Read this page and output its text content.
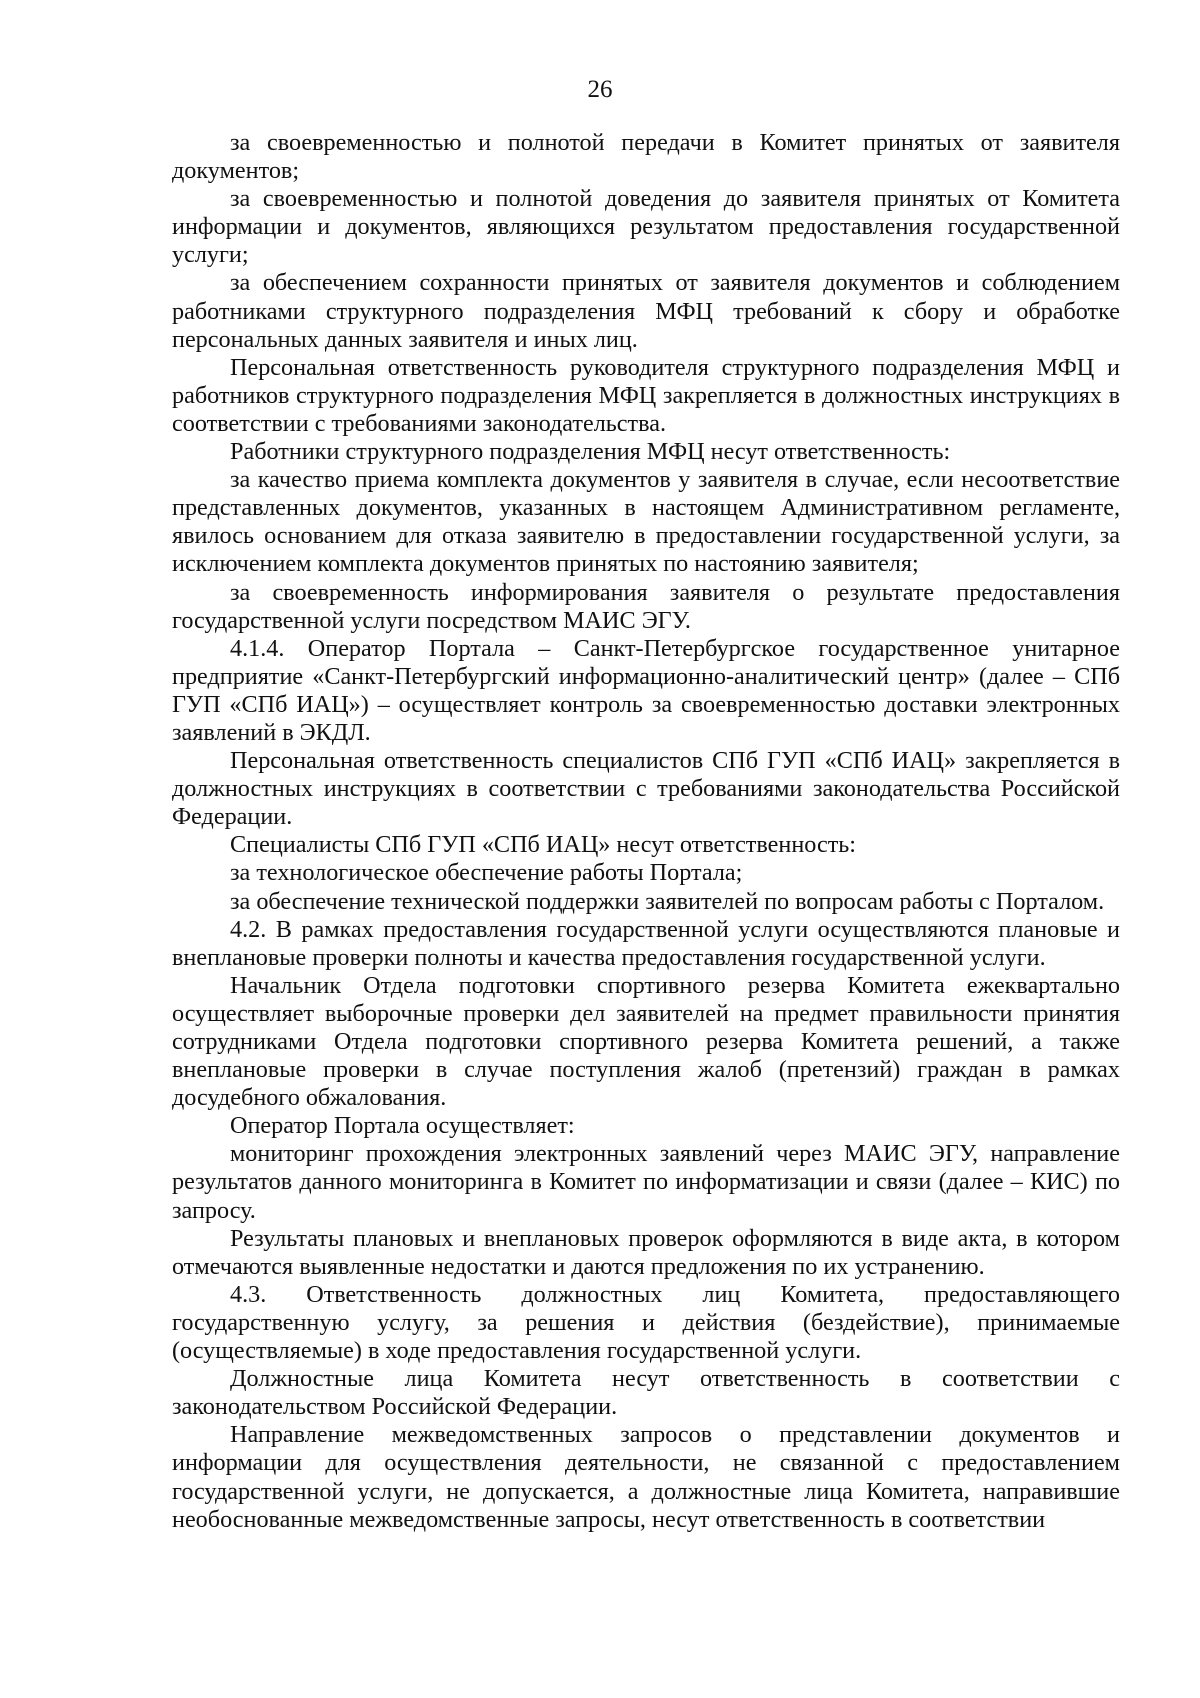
26

за своевременностью и полнотой передачи в Комитет принятых от заявителя документов;

за своевременностью и полнотой доведения до заявителя принятых от Комитета информации и документов, являющихся результатом предоставления государственной услуги;

за обеспечением сохранности принятых от заявителя документов и соблюдением работниками структурного подразделения МФЦ требований к сбору и обработке персональных данных заявителя и иных лиц.

Персональная ответственность руководителя структурного подразделения МФЦ и работников структурного подразделения МФЦ закрепляется в должностных инструкциях в соответствии с требованиями законодательства.

Работники структурного подразделения МФЦ несут ответственность:

за качество приема комплекта документов у заявителя в случае, если несоответствие представленных документов, указанных в настоящем Административном регламенте, явилось основанием для отказа заявителю в предоставлении государственной услуги, за исключением комплекта документов принятых по настоянию заявителя;

за своевременность информирования заявителя о результате предоставления государственной услуги посредством МАИС ЭГУ.

4.1.4. Оператор Портала – Санкт-Петербургское государственное унитарное предприятие «Санкт-Петербургский информационно-аналитический центр» (далее – СПб ГУП «СПб ИАЦ») – осуществляет контроль за своевременностью доставки электронных заявлений в ЭКДЛ.

Персональная ответственность специалистов СПб ГУП «СПб ИАЦ» закрепляется в должностных инструкциях в соответствии с требованиями законодательства Российской Федерации.

Специалисты СПб ГУП «СПб ИАЦ» несут ответственность:

за технологическое обеспечение работы Портала;

за обеспечение технической поддержки заявителей по вопросам работы с Порталом.

4.2. В рамках предоставления государственной услуги осуществляются плановые и внеплановые проверки полноты и качества предоставления государственной услуги.

Начальник Отдела подготовки спортивного резерва Комитета ежеквартально осуществляет выборочные проверки дел заявителей на предмет правильности принятия сотрудниками Отдела подготовки спортивного резерва Комитета решений, а также внеплановые проверки в случае поступления жалоб (претензий) граждан в рамках досудебного обжалования.

Оператор Портала осуществляет:

мониторинг прохождения электронных заявлений через МАИС ЭГУ, направление результатов данного мониторинга в Комитет по информатизации и связи (далее – КИС) по запросу.

Результаты плановых и внеплановых проверок оформляются в виде акта, в котором отмечаются выявленные недостатки и даются предложения по их устранению.

4.3. Ответственность должностных лиц Комитета, предоставляющего государственную услугу, за решения и действия (бездействие), принимаемые (осуществляемые) в ходе предоставления государственной услуги.

Должностные лица Комитета несут ответственность в соответствии с законодательством Российской Федерации.

Направление межведомственных запросов о представлении документов и информации для осуществления деятельности, не связанной с предоставлением государственной услуги, не допускается, а должностные лица Комитета, направившие необоснованные межведомственные запросы, несут ответственность в соответствии
